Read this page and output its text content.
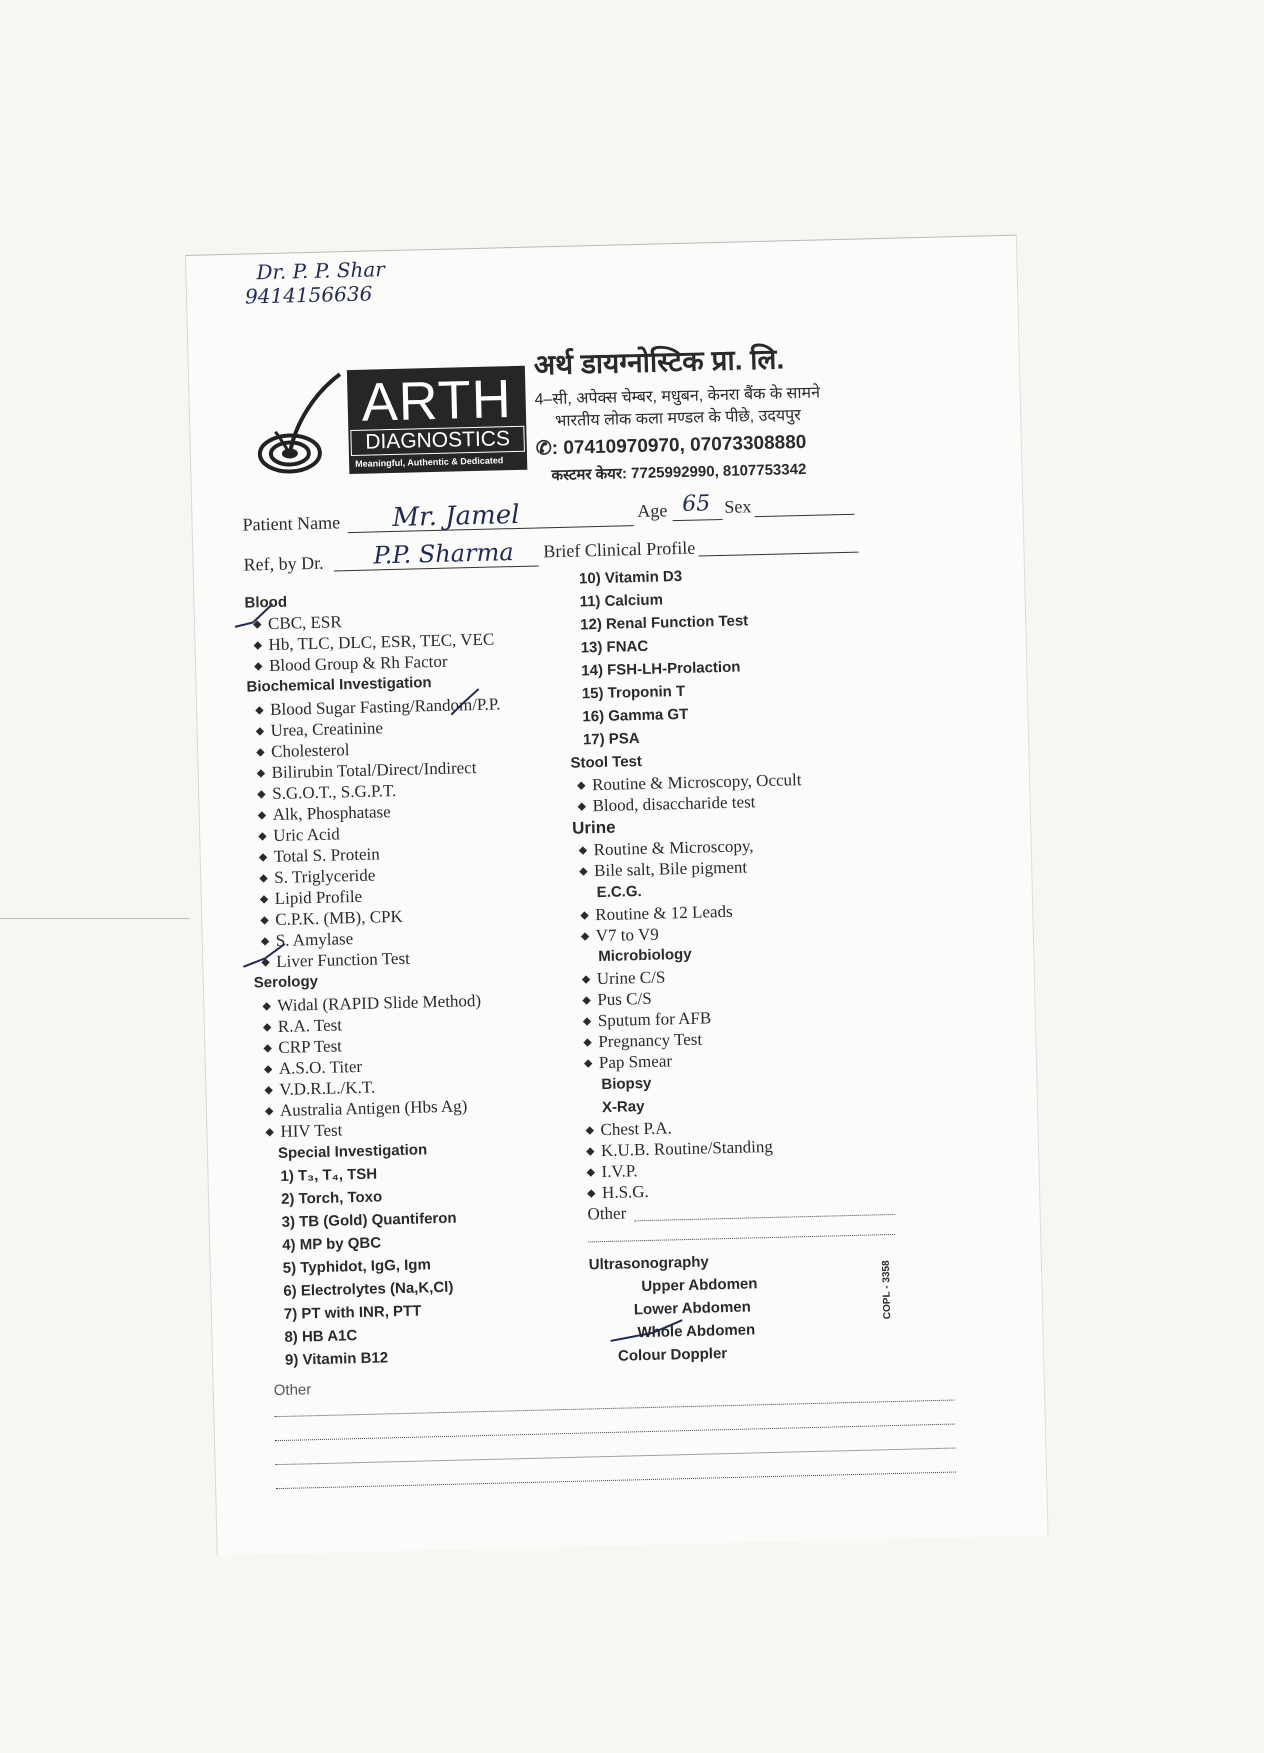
Dr. P. P. Shar
9414156636
ARTH
DIAGNOSTICS
Meaningful, Authentic & Dedicated
अर्थ डायग्नोस्टिक प्रा. लि.
4–सी, अपेक्स चेम्बर, मधुबन, केनरा बैंक के सामने
भारतीय लोक कला मण्डल के पीछे, उदयपुर
✆: 07410970970, 07073308880
कस्टमर केयर: 7725992990, 8107753342
Patient Name Mr. Jamel	Age 65 Sex
Ref, by Dr. P.P. Sharma Brief Clinical Profile
Blood
◆ CBC, ESR
◆ Hb, TLC, DLC, ESR, TEC, VEC
◆ Blood Group & Rh Factor
Biochemical Investigation
◆ Blood Sugar Fasting/Random/P.P.
◆ Urea, Creatinine
◆ Cholesterol
◆ Bilirubin Total/Direct/Indirect
◆ S.G.O.T., S.G.P.T.
◆ Alk, Phosphatase
◆ Uric Acid
◆ Total S. Protein
◆ S. Triglyceride
◆ Lipid Profile
◆ C.P.K. (MB), CPK
◆ S. Amylase
◆ Liver Function Test
Serology
◆ Widal (RAPID Slide Method)
◆ R.A. Test
◆ CRP Test
◆ A.S.O. Titer
◆ V.D.R.L./K.T.
◆ Australia Antigen (Hbs Ag)
◆ HIV Test
Special Investigation
1) T₃, T₄, TSH
2) Torch, Toxo
3) TB (Gold) Quantiferon
4) MP by QBC
5) Typhidot, IgG, Igm
6) Electrolytes (Na,K,Cl)
7) PT with INR, PTT
8) HB A1C
9) Vitamin B12
Other
10) Vitamin D3
11) Calcium
12) Renal Function Test
13) FNAC
14) FSH-LH-Prolaction
15) Troponin T
16) Gamma GT
17) PSA
Stool Test
◆ Routine & Microscopy, Occult
◆ Blood, disaccharide test
Urine
◆ Routine & Microscopy,
◆ Bile salt, Bile pigment
E.C.G.
◆ Routine & 12 Leads
◆ V7 to V9
Microbiology
◆ Urine C/S
◆ Pus C/S
◆ Sputum for AFB
◆ Pregnancy Test
◆ Pap Smear
Biopsy
X-Ray
◆ Chest P.A.
◆ K.U.B. Routine/Standing
◆ I.V.P.
◆ H.S.G.
Other
Ultrasonography
Upper Abdomen
Lower Abdomen
Whole Abdomen
Colour Doppler
COPL - 3358
